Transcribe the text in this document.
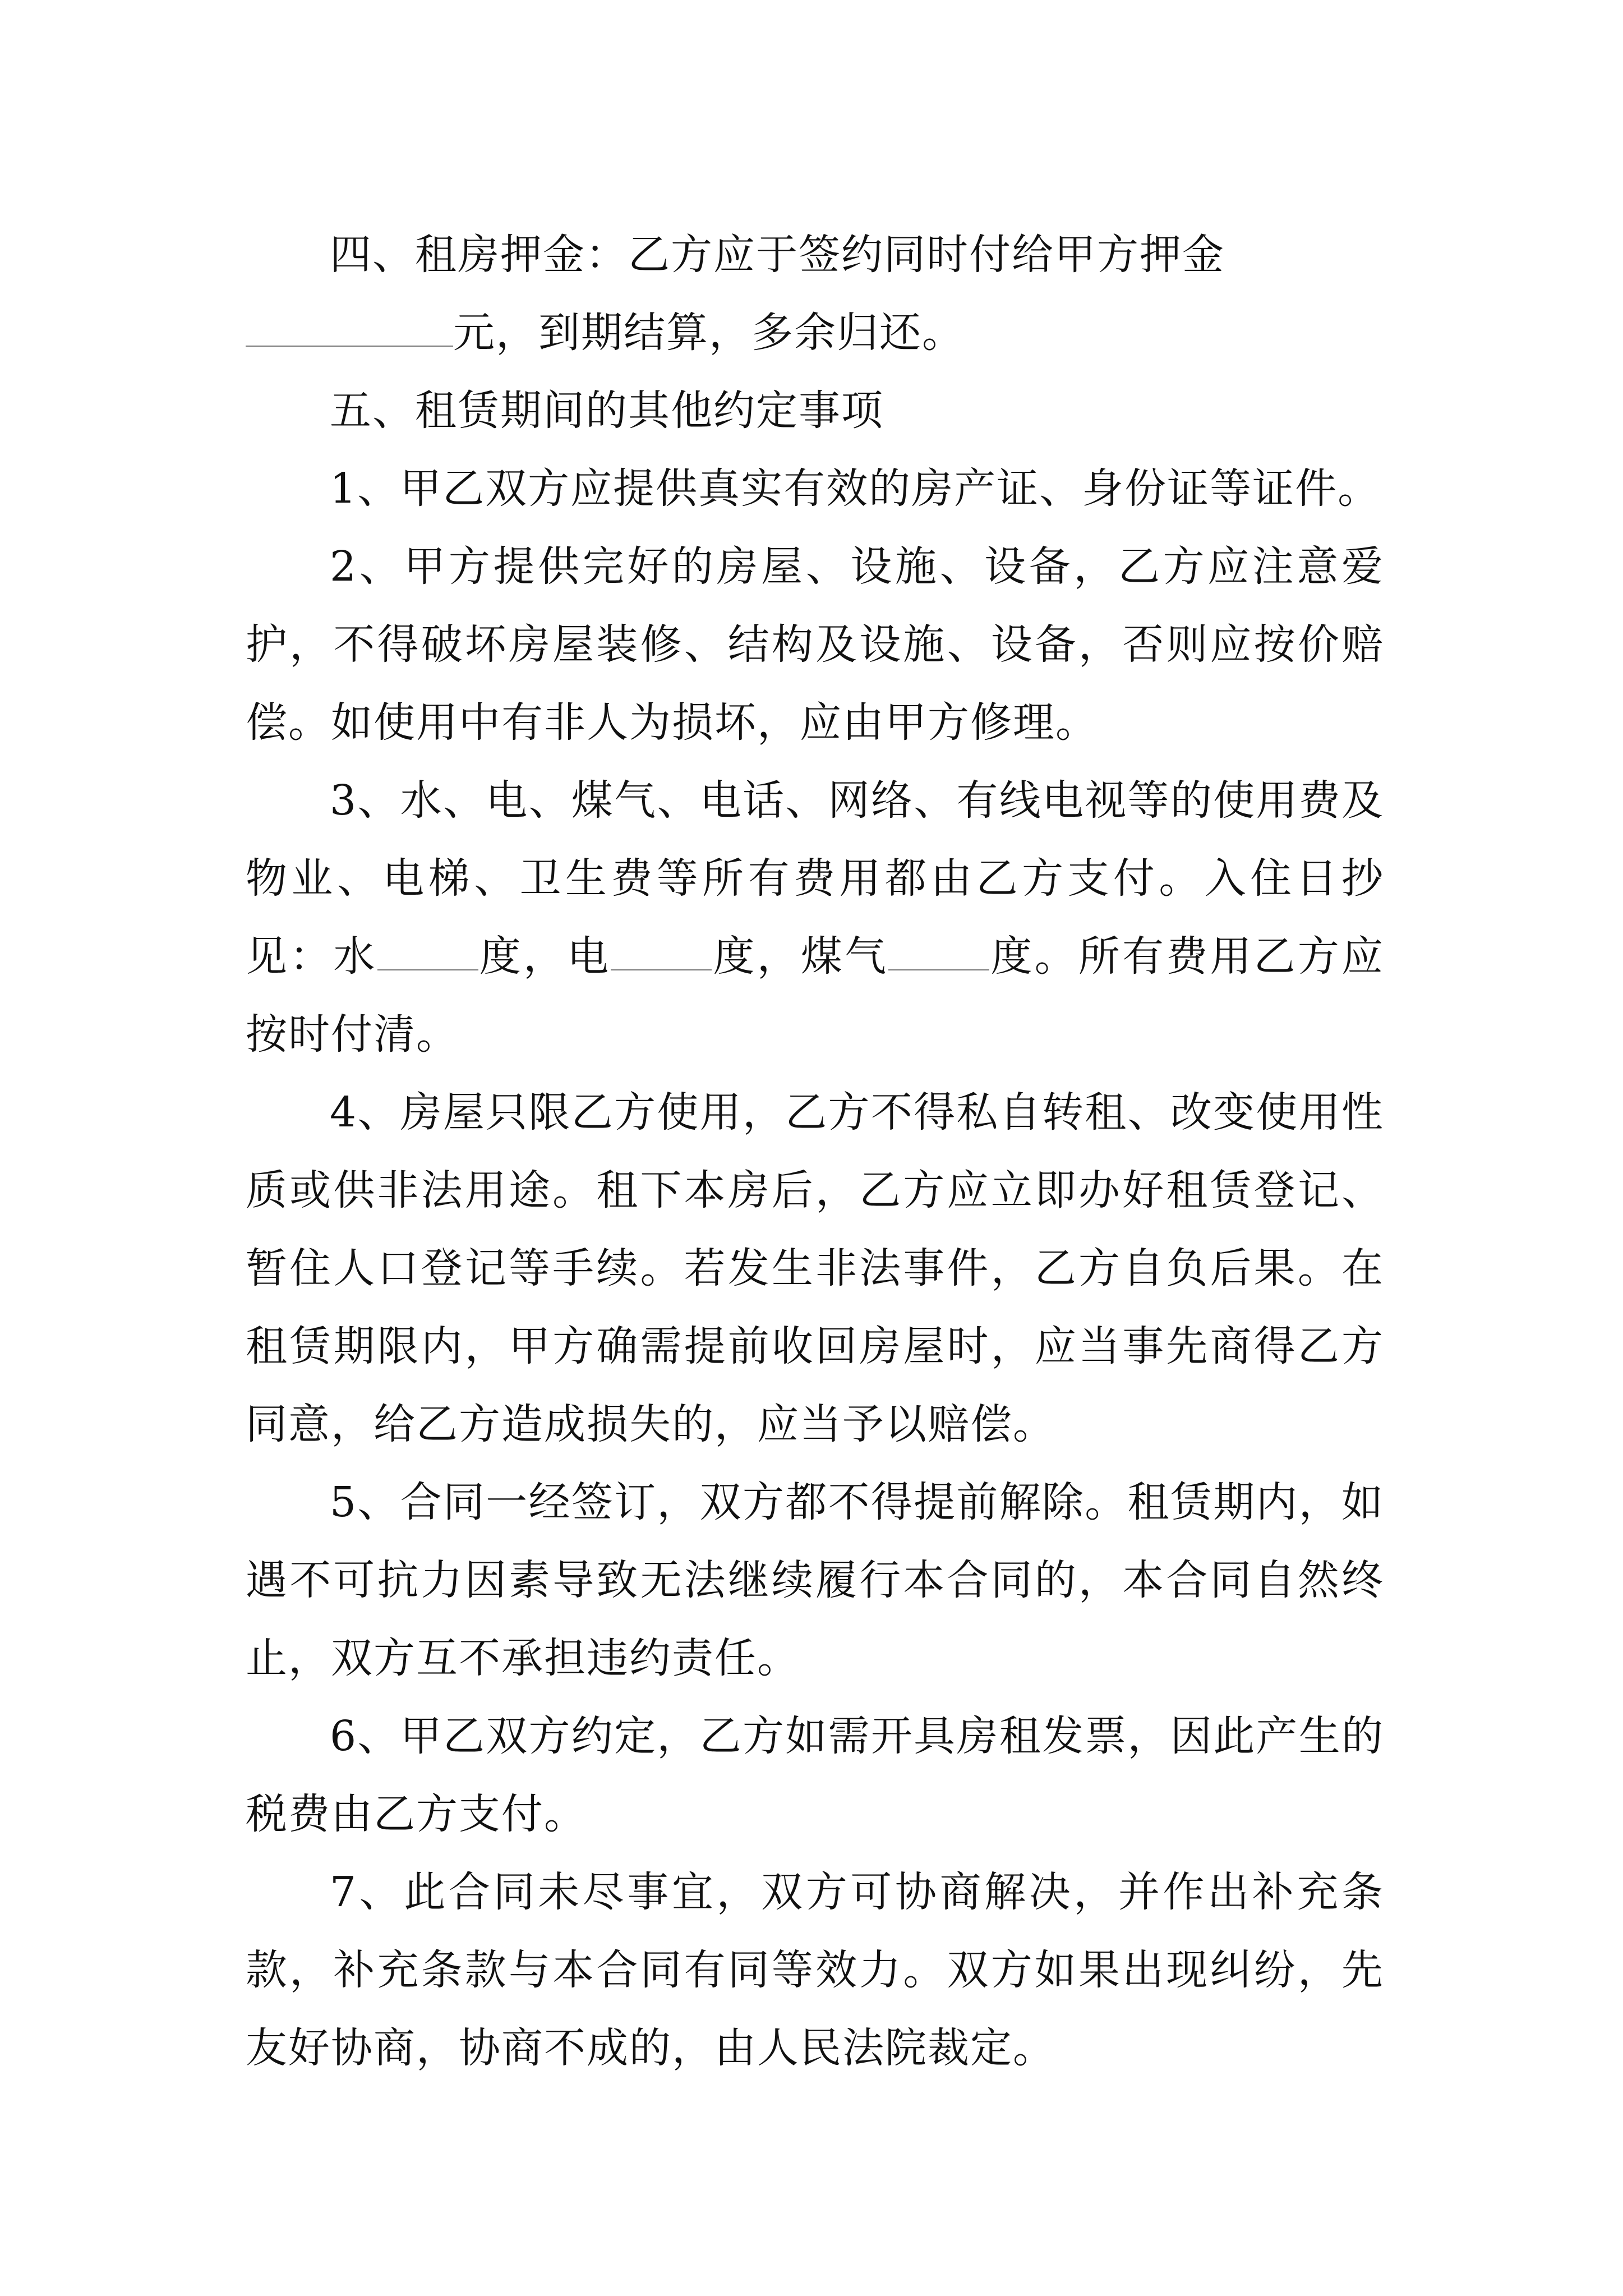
四、租房押金：乙方应于签约同时付给甲方押金
元，到期结算，多余归还。

五、租赁期间的其他约定事项

1、甲乙双方应提供真实有效的房产证、身份证等证件。

2、甲方提供完好的房屋、设施、设备，乙方应注意爱护，不得破坏房屋装修、结构及设施、设备，否则应按价赔偿。如使用中有非人为损坏，应由甲方修理。

3、水、电、煤气、电话、网络、有线电视等的使用费及物业、电梯、卫生费等所有费用都由乙方支付。入住日抄见：水 度，电 度，煤气 度。所有费用乙方应按时付清。

4、房屋只限乙方使用，乙方不得私自转租、改变使用性质或供非法用途。租下本房后，乙方应立即办好租赁登记、暂住人口登记等手续。若发生非法事件，乙方自负后果。在租赁期限内，甲方确需提前收回房屋时，应当事先商得乙方同意，给乙方造成损失的，应当予以赔偿。

5、合同一经签订，双方都不得提前解除。租赁期内，如遇不可抗力因素导致无法继续履行本合同的，本合同自然终止，双方互不承担违约责任。

6、甲乙双方约定，乙方如需开具房租发票，因此产生的税费由乙方支付。

7、此合同未尽事宜，双方可协商解决，并作出补充条款，补充条款与本合同有同等效力。双方如果出现纠纷，先友好协商，协商不成的，由人民法院裁定。
